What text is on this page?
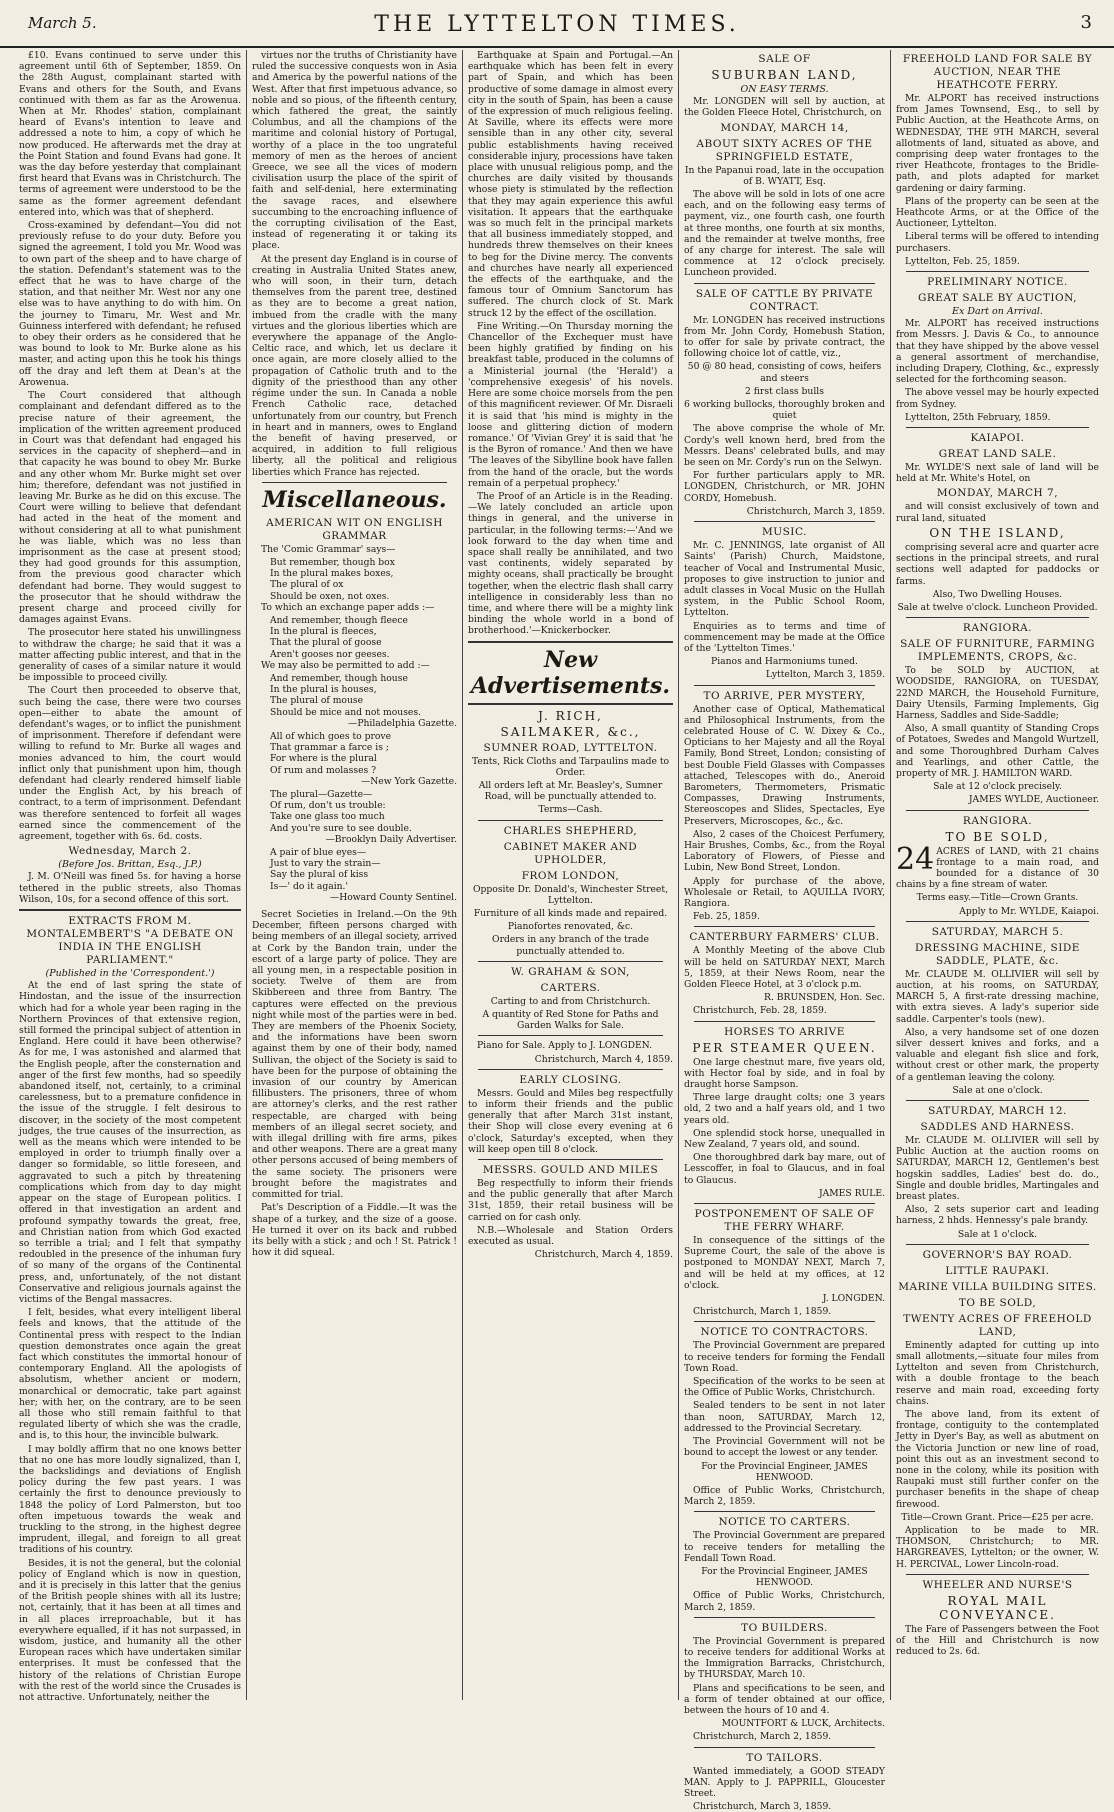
March 5.	THE LYTTELTON TIMES.	3

£10. Evans continued to serve under this agreement until 6th of September, 1859. On the 28th August, complainant started with Evans and others for the South, and Evans continued with them as far as the Arowenua. When at Mr. Rhodes' station, complainant heard of Evans's intention to leave and addressed a note to him, a copy of which he now produced. He afterwards met the dray at the Point Station and found Evans had gone. It was the day before yesterday that complainant first heard that Evans was in Christchurch. The terms of agreement were understood to be the same as the former agreement defendant entered into, which was that of shepherd.

Cross-examined by defendant—You did not previously refuse to do your duty. Before you signed the agreement, I told you Mr. Wood was to own part of the sheep and to have charge of the station. Defendant's statement was to the effect that he was to have charge of the station, and that neither Mr. West nor any one else was to have anything to do with him. On the journey to Timaru, Mr. West and Mr. Guinness interfered with defendant; he refused to obey their orders as he considered that he was bound to look to Mr. Burke alone as his master, and acting upon this he took his things off the dray and left them at Dean's at the Arowenua.

The Court considered that although complainant and defendant differed as to the precise nature of their agreement, the implication of the written agreement produced in Court was that defendant had engaged his services in the capacity of shepherd—and in that capacity he was bound to obey Mr. Burke and any other whom Mr. Burke might set over him; therefore, defendant was not justified in leaving Mr. Burke as he did on this excuse. The Court were willing to believe that defendant had acted in the heat of the moment and without considering at all to what punishment he was liable, which was no less than imprisonment as the case at present stood; they had good grounds for this assumption, from the previous good character which defendant had borne. They would suggest to the prosecutor that he should withdraw the present charge and proceed civilly for damages against Evans.

The prosecutor here stated his unwillingness to withdraw the charge; he said that it was a matter affecting public interest, and that in the generality of cases of a similar nature it would be impossible to proceed civilly.

The Court then proceeded to observe that, such being the case, there were two courses open—either to abate the amount of defendant's wages, or to inflict the punishment of imprisonment. Therefore if defendant were willing to refund to Mr. Burke all wages and monies advanced to him, the court would inflict only that punishment upon him, though defendant had clearly rendered himself liable under the English Act, by his breach of contract, to a term of imprisonment. Defendant was therefore sentenced to forfeit all wages earned since the commencement of the agreement, together with 6s. 6d. costs.

Wednesday, March 2.
(Before Jos. Brittan, Esq., J.P.)

J. M. O'Neill was fined 5s. for having a horse tethered in the public streets, also Thomas Wilson, 10s, for a second offence of this sort.

EXTRACTS FROM M. MONTALEMBERT'S "A DEBATE ON INDIA IN THE ENGLISH PARLIAMENT."
(Published in the 'Correspondent.')

At the end of last spring the state of Hindostan, and the issue of the insurrection which had for a whole year been raging in the Northern Provinces of that extensive region, still formed the principal subject of attention in England. Here could it have been otherwise? As for me, I was astonished and alarmed that the English people, after the consternation and anger of the first few months, had so speedily abandoned itself, not, certainly, to a criminal carelessness, but to a premature confidence in the issue of the struggle. I felt desirous to discover, in the society of the most competent judges, the true causes of the insurrection, as well as the means which were intended to be employed in order to triumph finally over a danger so formidable, so little foreseen, and aggravated to such a pitch by threatening complications which from day to day might appear on the stage of European politics. I offered in that investigation an ardent and profound sympathy towards the great, free, and Christian nation from which God exacted so terrible a trial; and I felt that sympathy redoubled in the presence of the inhuman fury of so many of the organs of the Continental press, and, unfortunately, of the not distant Conservative and religious journals against the victims of the Bengal massacres.

I felt, besides, what every intelligent liberal feels and knows, that the attitude of the Continental press with respect to the Indian question demonstrates once again the great fact which constitutes the immortal honour of contemporary England. All the apologists of absolutism, whether ancient or modern, monarchical or democratic, take part against her; with her, on the contrary, are to be seen all those who still remain faithful to that regulated liberty of which she was the cradle, and is, to this hour, the invincible bulwark.

I may boldly affirm that no one knows better that no one has more loudly signalized, than I, the backslidings and deviations of English policy during the few past years. I was certainly the first to denounce previously to 1848 the policy of Lord Palmerston, but too often impetuous towards the weak and truckling to the strong, in the highest degree imprudent, illegal, and foreign to all great traditions of his country.

Besides, it is not the general, but the colonial policy of England which is now in question, and it is precisely in this latter that the genius of the British people shines with all its lustre; not, certainly, that it has been at all times and in all places irreproachable, but it has everywhere equalled, if it has not surpassed, in wisdom, justice, and humanity all the other European races which have undertaken similar enterprises. It must be confessed that the history of the relations of Christian Europe with the rest of the world since the Crusades is not attractive. Unfortunately, neither the

virtues nor the truths of Christianity have ruled the successive conquests won in Asia and America by the powerful nations of the West. After that first impetuous advance, so noble and so pious, of the fifteenth century, which fathered the great, the saintly Columbus, and all the champions of the maritime and colonial history of Portugal, worthy of a place in the too ungrateful memory of men as the heroes of ancient Greece, we see all the vices of modern civilisation usurp the place of the spirit of faith and self-denial, here exterminating the savage races, and elsewhere succumbing to the encroaching influence of the corrupting civilisation of the East, instead of regenerating it or taking its place.

At the present day England is in course of creating in Australia United States anew, who will soon, in their turn, detach themselves from the parent tree, destined as they are to become a great nation, imbued from the cradle with the many virtues and the glorious liberties which are everywhere the appanage of the Anglo-Celtic race, and which, let us declare it once again, are more closely allied to the propagation of Catholic truth and to the dignity of the priesthood than any other régime under the sun. In Canada a noble French Catholic race, detached unfortunately from our country, but French in heart and in manners, owes to England the benefit of having preserved, or acquired, in addition to full religious liberty, all the political and religious liberties which France has rejected.

Miscellaneous.
AMERICAN WIT ON ENGLISH GRAMMAR

The 'Comic Grammar' says—

But remember, though box

In the plural makes boxes,

The plural of ox

Should be oxen, not oxes.

To which an exchange paper adds :—

And remember, though fleece

In the plural is fleeces,

That the plural of goose

Aren't gooses nor geeses.

We may also be permitted to add :—

And remember, though house

In the plural is houses,

The plural of mouse

Should be mice and not mouses.

—Philadelphia Gazette.

All of which goes to prove

That grammar a farce is ;

For where is the plural

Of rum and molasses ?

—New York Gazette.

The plural—Gazette—

Of rum, don't us trouble:

Take one glass too much

And you're sure to see double.

—Brooklyn Daily Advertiser.

A pair of blue eyes—

Just to vary the strain—

Say the plural of kiss

Is—' do it again.'

—Howard County Sentinel.

Secret Societies in Ireland.—On the 9th December, fifteen persons charged with being members of an illegal society, arrived at Cork by the Bandon train, under the escort of a large party of police. They are all young men, in a respectable position in society. Twelve of them are from Skibbereen and three from Bantry. The captures were effected on the previous night while most of the parties were in bed. They are members of the Phoenix Society, and the informations have been sworn against them by one of their body, named Sullivan, the object of the Society is said to have been for the purpose of obtaining the invasion of our country by American fillibusters. The prisoners, three of whom are attorney's clerks, and the rest rather respectable, are charged with being members of an illegal secret society, and with illegal drilling with fire arms, pikes and other weapons. There are a great many other persons accused of being members of the same society. The prisoners were brought before the magistrates and committed for trial.

Pat's Description of a Fiddle.—It was the shape of a turkey, and the size of a goose. He turned it over on its back and rubbed its belly with a stick ; and och ! St. Patrick ! how it did squeal.

Earthquake at Spain and Portugal.—An earthquake which has been felt in every part of Spain, and which has been productive of some damage in almost every city in the south of Spain, has been a cause of the expression of much religious feeling. At Saville, where its effects were more sensible than in any other city, several public establishments having received considerable injury, processions have taken place with unusual religious pomp, and the churches are daily visited by thousands whose piety is stimulated by the reflection that they may again experience this awful visitation. It appears that the earthquake was so much felt in the principal markets that all business immediately stopped, and hundreds threw themselves on their knees to beg for the Divine mercy. The convents and churches have nearly all experienced the effects of the earthquake, and the famous tour of Omnium Sanctorum has suffered. The church clock of St. Mark struck 12 by the effect of the oscillation.

Fine Writing.—On Thursday morning the Chancellor of the Exchequer must have been highly gratified by finding on his breakfast table, produced in the columns of a Ministerial journal (the 'Herald') a 'comprehensive exegesis' of his novels. Here are some choice morsels from the pen of this magnificent reviewer. Of Mr. Disraeli it is said that 'his mind is mighty in the loose and glittering diction of modern romance.' Of 'Vivian Grey' it is said that 'he is the Byron of romance.' And then we have 'The leaves of the Sibylline book have fallen from the hand of the oracle, but the words remain of a perpetual prophecy.'

The Proof of an Article is in the Reading.—We lately concluded an article upon things in general, and the universe in particular, in the following terms:—'And we look forward to the day when time and space shall really be annihilated, and two vast continents, widely separated by mighty oceans, shall practically be brought together, when the electric flash shall carry intelligence in considerably less than no time, and where there will be a mighty link binding the whole world in a bond of brotherhood.'—Knickerbocker.

New Advertisements.
J. RICH,
SAILMAKER, &c.,
SUMNER ROAD, LYTTELTON.

Tents, Rick Cloths and Tarpaulins made to Order.

All orders left at Mr. Beasley's, Sumner Road, will be punctually attended to.

Terms—Cash.

CHARLES SHEPHERD,
CABINET MAKER AND UPHOLDER,
FROM LONDON,

Opposite Dr. Donald's, Winchester Street, Lyttelton.

Furniture of all kinds made and repaired.

Pianofortes renovated, &c.

Orders in any branch of the trade punctually attended to.

W. GRAHAM & SON,
CARTERS.

Carting to and from Christchurch.

A quantity of Red Stone for Paths and Garden Walks for Sale.

Piano for Sale. Apply to J. LONGDEN.

Christchurch, March 4, 1859.

EARLY CLOSING.

Messrs. Gould and Miles beg respectfully to inform their friends and the public generally that after March 31st instant, their Shop will close every evening at 6 o'clock, Saturday's excepted, when they will keep open till 8 o'clock.

MESSRS. GOULD AND MILES

Beg respectfully to inform their friends and the public generally that after March 31st, 1859, their retail business will be carried on for cash only.

N.B.—Wholesale and Station Orders executed as usual.

Christchurch, March 4, 1859.

SALE OF
SUBURBAN LAND,
ON EASY TERMS.

Mr. LONGDEN will sell by auction, at the Golden Fleece Hotel, Christchurch, on

MONDAY, MARCH 14,
ABOUT SIXTY ACRES OF THE SPRINGFIELD ESTATE,

In the Papanui road, late in the occupation of B. WYATT, Esq.

The above will be sold in lots of one acre each, and on the following easy terms of payment, viz., one fourth cash, one fourth at three months, one fourth at six months, and the remainder at twelve months, free of any charge for interest. The sale will commence at 12 o'clock precisely. Luncheon provided.

SALE OF CATTLE BY PRIVATE CONTRACT.

Mr. LONGDEN has received instructions from Mr. John Cordy, Homebush Station, to offer for sale by private contract, the following choice lot of cattle, viz.,

50 @ 80 head, consisting of cows, heifers and steers

2 first class bulls

6 working bullocks, thoroughly broken and quiet

The above comprise the whole of Mr. Cordy's well known herd, bred from the Messrs. Deans' celebrated bulls, and may be seen on Mr. Cordy's run on the Selwyn.

For further particulars apply to MR. LONGDEN, Christchurch, or MR. JOHN CORDY, Homebush.

Christchurch, March 3, 1859.

MUSIC.

Mr. C. JENNINGS, late organist of All Saints' (Parish) Church, Maidstone, teacher of Vocal and Instrumental Music, proposes to give instruction to junior and adult classes in Vocal Music on the Hullah system, in the Public School Room, Lyttelton.

Enquiries as to terms and time of commencement may be made at the Office of the 'Lyttelton Times.'

Pianos and Harmoniums tuned.

Lyttelton, March 3, 1859.

TO ARRIVE, PER MYSTERY,

Another case of Optical, Mathematical and Philosophical Instruments, from the celebrated House of C. W. Dixey & Co., Opticians to her Majesty and all the Royal Family, Bond Street, London; consisting of best Double Field Glasses with Compasses attached, Telescopes with do., Aneroid Barometers, Thermometers, Prismatic Compasses, Drawing Instruments, Stereoscopes and Slides, Spectacles, Eye Preservers, Microscopes, &c., &c.

Also, 2 cases of the Choicest Perfumery, Hair Brushes, Combs, &c., from the Royal Laboratory of Flowers, of Piesse and Lubin, New Bond Street, London.

Apply for purchase of the above, Wholesale or Retail, to AQUILLA IVORY, Rangiora.

Feb. 25, 1859.

CANTERBURY FARMERS' CLUB.

A Monthly Meeting of the above Club will be held on SATURDAY NEXT, March 5, 1859, at their News Room, near the Golden Fleece Hotel, at 3 o'clock p.m.

R. BRUNSDEN, Hon. Sec.

Christchurch, Feb. 28, 1859.

HORSES TO ARRIVE
PER STEAMER QUEEN.

One large chestnut mare, five years old, with Hector foal by side, and in foal by draught horse Sampson.

Three large draught colts; one 3 years old, 2 two and a half years old, and 1 two years old.

One splendid stock horse, unequalled in New Zealand, 7 years old, and sound.

One thoroughbred dark bay mare, out of Lesscoffer, in foal to Glaucus, and in foal to Glaucus.

JAMES RULE.

POSTPONEMENT OF SALE OF THE FERRY WHARF.

In consequence of the sittings of the Supreme Court, the sale of the above is postponed to MONDAY NEXT, March 7, and will be held at my offices, at 12 o'clock.

J. LONGDEN.

Christchurch, March 1, 1859.

NOTICE TO CONTRACTORS.

The Provincial Government are prepared to receive tenders for forming the Fendall Town Road.

Specification of the works to be seen at the Office of Public Works, Christchurch.

Sealed tenders to be sent in not later than noon, SATURDAY, March 12, addressed to the Provincial Secretary.

The Provincial Government will not be bound to accept the lowest or any tender.

For the Provincial Engineer, JAMES HENWOOD.

Office of Public Works, Christchurch, March 2, 1859.

NOTICE TO CARTERS.

The Provincial Government are prepared to receive tenders for metalling the Fendall Town Road.

For the Provincial Engineer, JAMES HENWOOD.

Office of Public Works, Christchurch, March 2, 1859.

TO BUILDERS.

The Provincial Government is prepared to receive tenders for additional Works at the Immigration Barracks, Christchurch, by THURSDAY, March 10.

Plans and specifications to be seen, and a form of tender obtained at our office, between the hours of 10 and 4.

MOUNTFORT & LUCK, Architects.

Christchurch, March 2, 1859.

TO TAILORS.

Wanted immediately, a GOOD STEADY MAN. Apply to J. PAPPRILL, Gloucester Street.

Christchurch, March 3, 1859.

FREEHOLD LAND FOR SALE BY AUCTION, NEAR THE HEATHCOTE FERRY.

Mr. ALPORT has received instructions from James Townsend, Esq., to sell by Public Auction, at the Heathcote Arms, on WEDNESDAY, THE 9TH MARCH, several allotments of land, situated as above, and comprising deep water frontages to the river Heathcote, frontages to the Bridle-path, and plots adapted for market gardening or dairy farming.

Plans of the property can be seen at the Heathcote Arms, or at the Office of the Auctioneer, Lyttelton.

Liberal terms will be offered to intending purchasers.

Lyttelton, Feb. 25, 1859.

PRELIMINARY NOTICE.
GREAT SALE BY AUCTION,
Ex Dart on Arrival.

Mr. ALPORT has received instructions from Messrs. J. Davis & Co., to announce that they have shipped by the above vessel a general assortment of merchandise, including Drapery, Clothing, &c., expressly selected for the forthcoming season.

The above vessel may be hourly expected from Sydney.

Lyttelton, 25th February, 1859.

KAIAPOI.
GREAT LAND SALE.

Mr. WYLDE'S next sale of land will be held at Mr. White's Hotel, on

MONDAY, MARCH 7,

and will consist exclusively of town and rural land, situated

ON THE ISLAND,

comprising several acre and quarter acre sections in the principal streets, and rural sections well adapted for paddocks or farms.

Also, Two Dwelling Houses.

Sale at twelve o'clock. Luncheon Provided.

RANGIORA.
SALE OF FURNITURE, FARMING IMPLEMENTS, CROPS, &c.

To be SOLD by AUCTION, at WOODSIDE, RANGIORA, on TUESDAY, 22ND MARCH, the Household Furniture, Dairy Utensils, Farming Implements, Gig Harness, Saddles and Side-Saddle;

Also, A small quantity of Standing Crops of Potatoes, Swedes and Mangold Wurtzell, and some Thoroughbred Durham Calves and Yearlings, and other Cattle, the property of MR. J. HAMILTON WARD.

Sale at 12 o'clock precisely.

JAMES WYLDE, Auctioneer.

RANGIORA.
TO BE SOLD,

24 ACRES of LAND, with 21 chains frontage to a main road, and bounded for a distance of 30 chains by a fine stream of water.

Terms easy.—Title—Crown Grants.

Apply to Mr. WYLDE, Kaiapoi.

SATURDAY, MARCH 5.
DRESSING MACHINE, SIDE SADDLE, PLATE, &c.

Mr. CLAUDE M. OLLIVIER will sell by auction, at his rooms, on SATURDAY, MARCH 5, A first-rate dressing machine, with extra sieves. A lady's superior side saddle. Carpenter's tools (new).

Also, a very handsome set of one dozen silver dessert knives and forks, and a valuable and elegant fish slice and fork, without crest or other mark, the property of a gentleman leaving the colony.

Sale at one o'clock.

SATURDAY, MARCH 12.
SADDLES AND HARNESS.

Mr. CLAUDE M. OLLIVIER will sell by Public Auction at the auction rooms on SATURDAY, MARCH 12, Gentlemen's best hogskin saddles, Ladies' best do. do., Single and double bridles, Martingales and breast plates.

Also, 2 sets superior cart and leading harness, 2 hhds. Hennessy's pale brandy.

Sale at 1 o'clock.

GOVERNOR'S BAY ROAD.
LITTLE RAUPAKI.
MARINE VILLA BUILDING SITES.
TO BE SOLD,
TWENTY ACRES OF FREEHOLD LAND,

Eminently adapted for cutting up into small allotments,—situate four miles from Lyttelton and seven from Christchurch, with a double frontage to the beach reserve and main road, exceeding forty chains.

The above land, from its extent of frontage, contiguity to the contemplated Jetty in Dyer's Bay, as well as abutment on the Victoria Junction or new line of road, point this out as an investment second to none in the colony, while its position with Raupaki must still further confer on the purchaser benefits in the shape of cheap firewood.

Title—Crown Grant. Price—£25 per acre.

Application to be made to MR. THOMSON, Christchurch; to MR. HARGREAVES, Lyttelton; or the owner, W. H. PERCIVAL, Lower Lincoln-road.

WHEELER AND NURSE'S
ROYAL MAIL CONVEYANCE.

The Fare of Passengers between the Foot of the Hill and Christchurch is now reduced to 2s. 6d.
